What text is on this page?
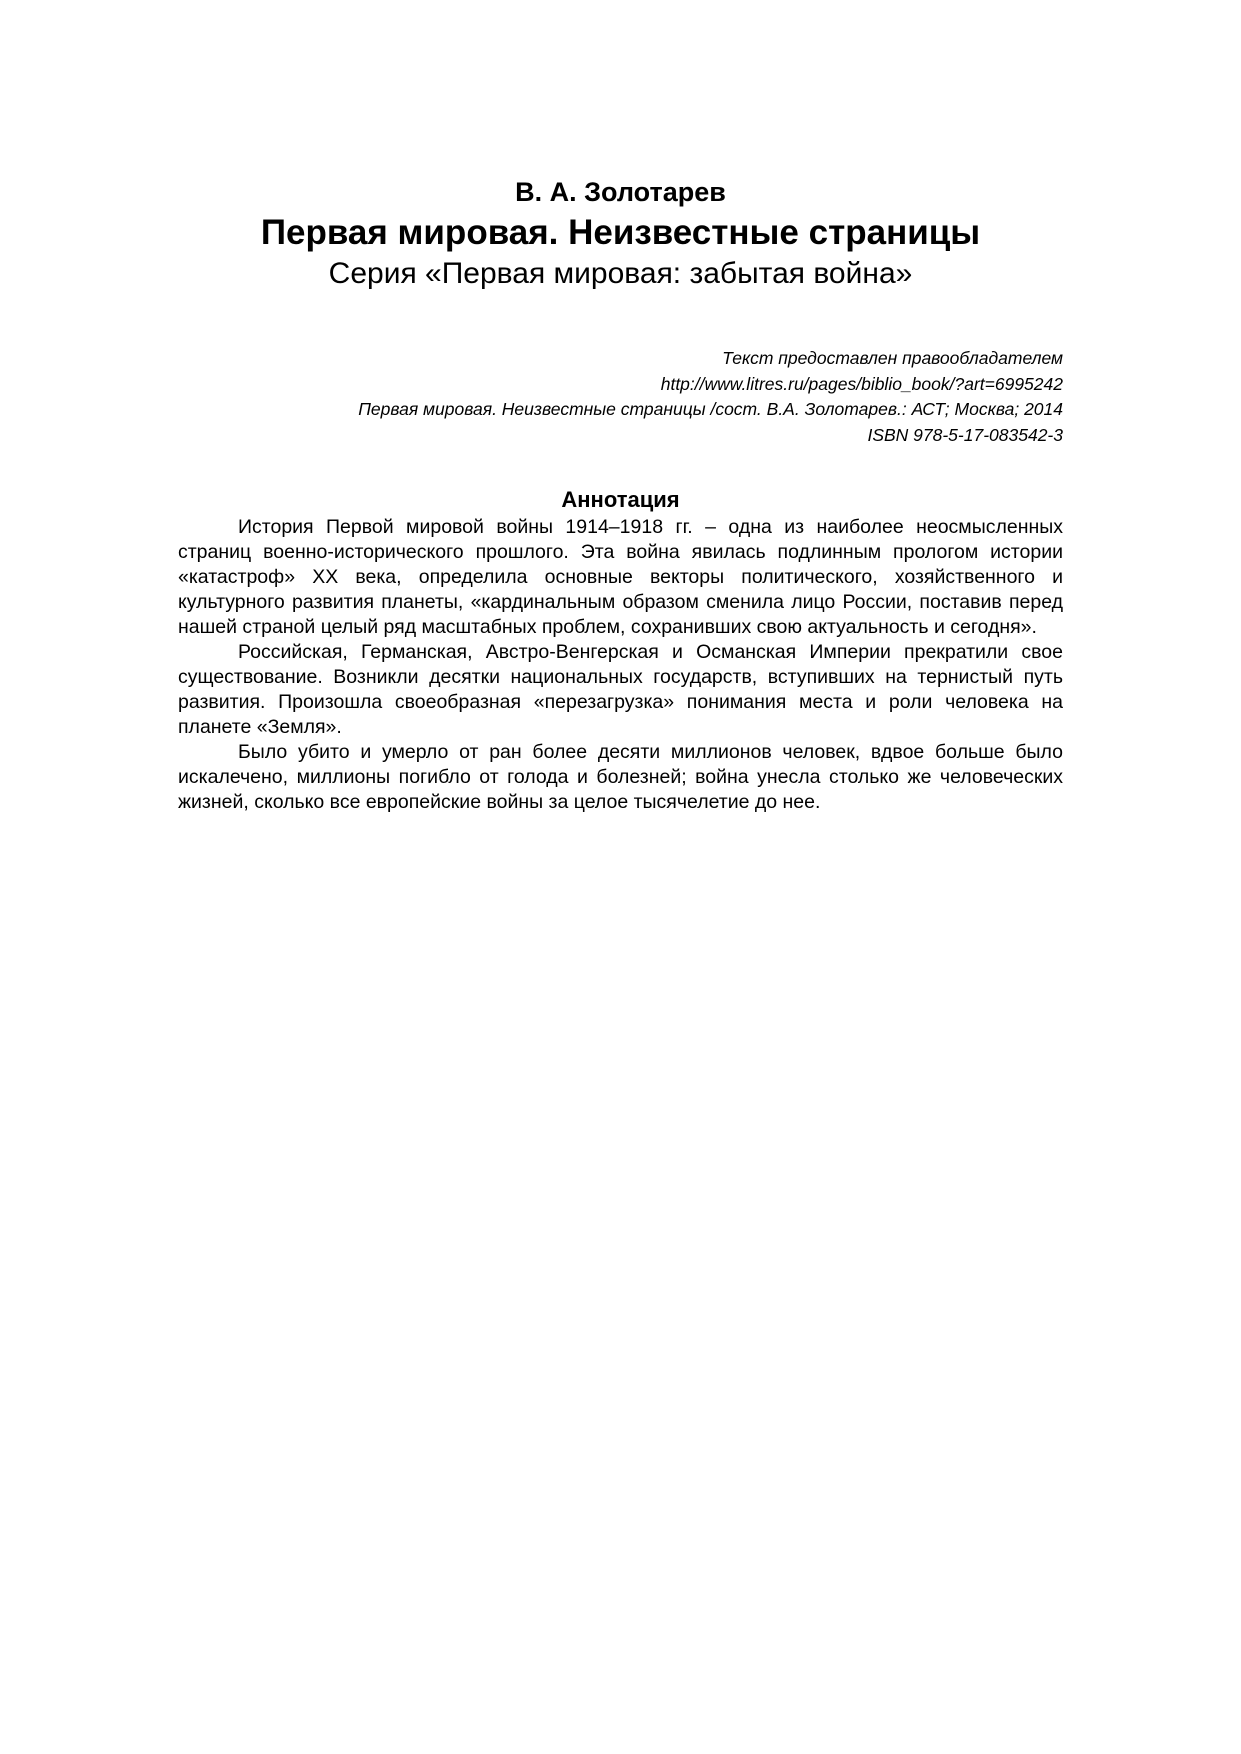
В. А. Золотарев
Первая мировая. Неизвестные страницы
Серия «Первая мировая: забытая война»
Текст предоставлен правообладателем
http://www.litres.ru/pages/biblio_book/?art=6995242
Первая мировая. Неизвестные страницы /сост. В.А. Золотарев.: АСТ; Москва; 2014
ISBN 978-5-17-083542-3
Аннотация

История Первой мировой войны 1914–1918 гг. – одна из наиболее неосмысленных страниц военно-исторического прошлого. Эта война явилась подлинным прологом истории «катастроф» XX века, определила основные векторы политического, хозяйственного и культурного развития планеты, «кардинальным образом сменила лицо России, поставив перед нашей страной целый ряд масштабных проблем, сохранивших свою актуальность и сегодня».

Российская, Германская, Австро-Венгерская и Османская Империи прекратили свое существование. Возникли десятки национальных государств, вступивших на тернистый путь развития. Произошла своеобразная «перезагрузка» понимания места и роли человека на планете «Земля».

Было убито и умерло от ран более десяти миллионов человек, вдвое больше было искалечено, миллионы погибло от голода и болезней; война унесла столько же человеческих жизней, сколько все европейские войны за целое тысячелетие до нее.
